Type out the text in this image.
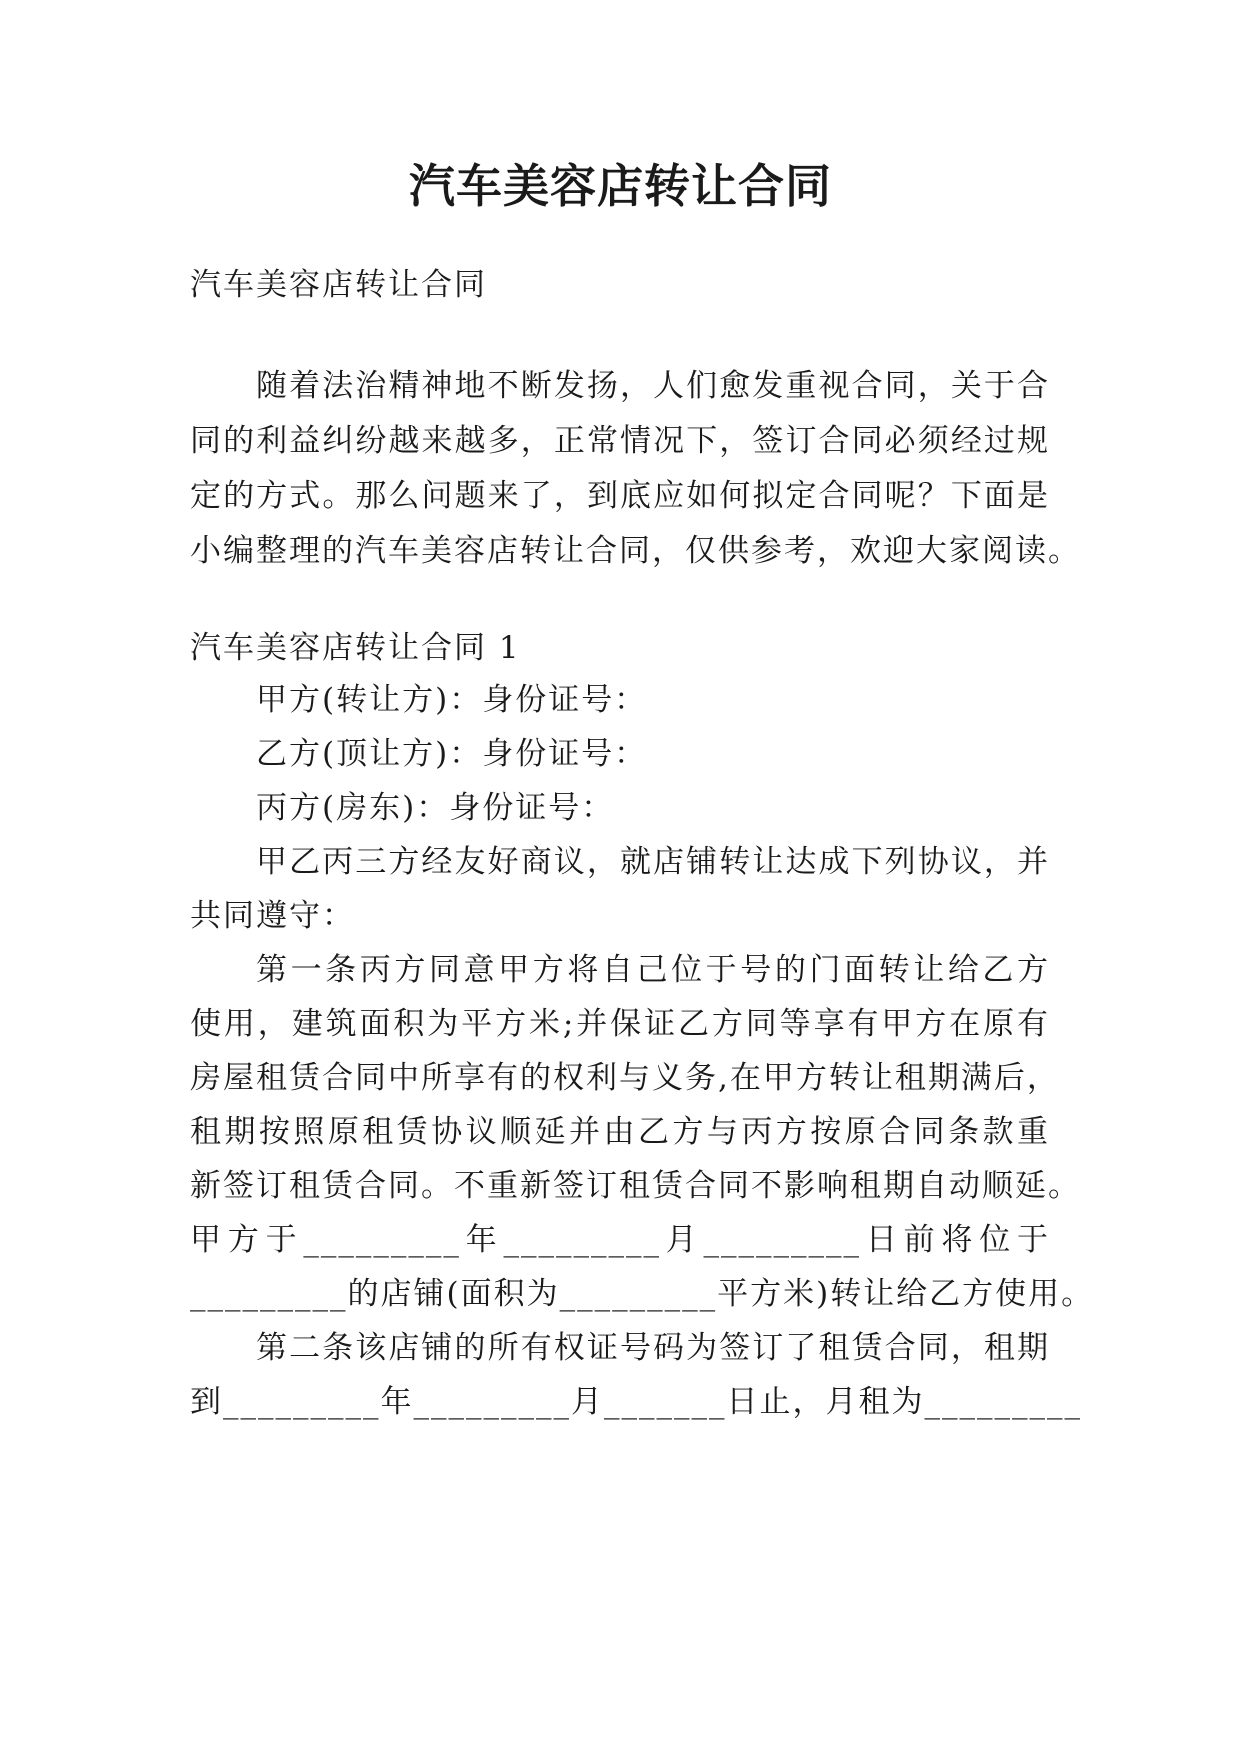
汽车美容店转让合同
汽车美容店转让合同
随着法治精神地不断发扬，人们愈发重视合同，关于合
同的利益纠纷越来越多，正常情况下，签订合同必须经过规
定的方式。那么问题来了，到底应如何拟定合同呢？下面是
小编整理的汽车美容店转让合同，仅供参考，欢迎大家阅读。
汽车美容店转让合同 1
甲方(转让方)：身份证号：
乙方(顶让方)：身份证号：
丙方(房东)：身份证号：
甲乙丙三方经友好商议，就店铺转让达成下列协议，并
共同遵守：
第一条丙方同意甲方将自己位于号的门面转让给乙方
使用，建筑面积为平方米;并保证乙方同等享有甲方在原有
房屋租赁合同中所享有的权利与义务,在甲方转让租期满后，
租期按照原租赁协议顺延并由乙方与丙方按原合同条款重
新签订租赁合同。不重新签订租赁合同不影响租期自动顺延。
甲方于_________年_________月_________日前将位于
_________的店铺(面积为_________平方米)转让给乙方使用。
第二条该店铺的所有权证号码为签订了租赁合同，租期
到_________年_________月_______日止，月租为_________
